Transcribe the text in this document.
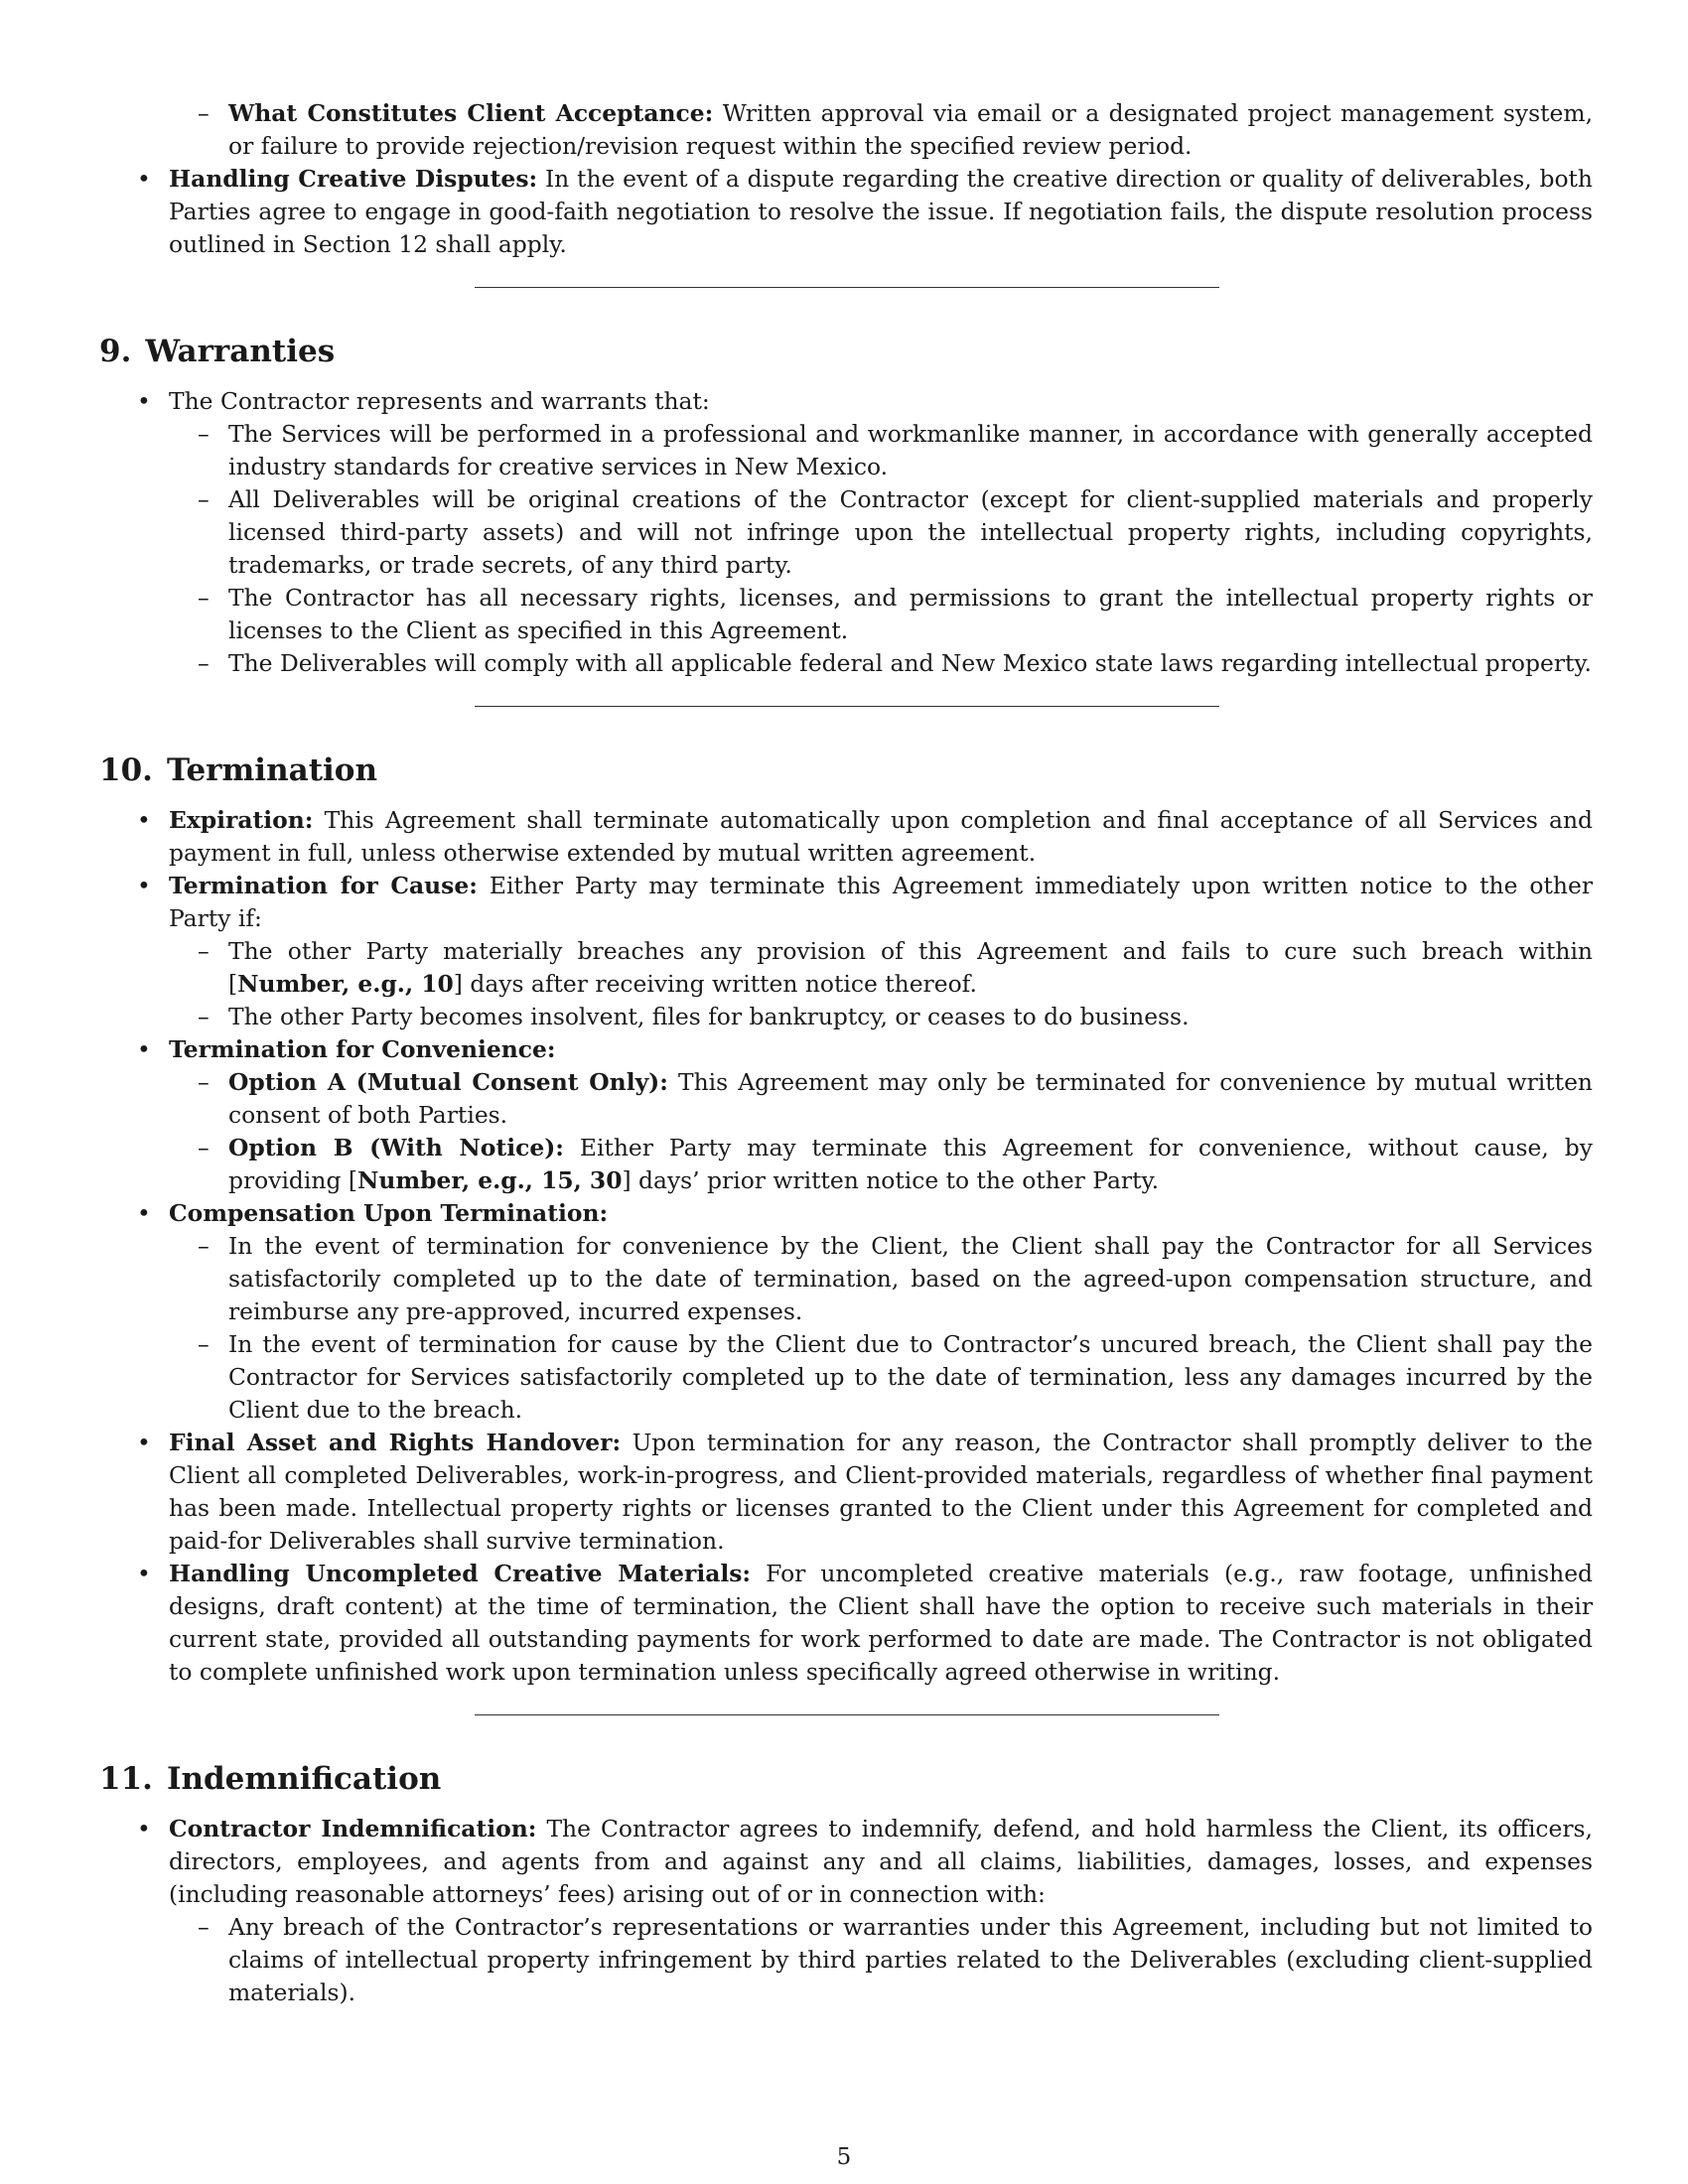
– What Constitutes Client Acceptance: Written approval via email or a designated project management system, or failure to provide rejection/revision request within the specified review period.
• Handling Creative Disputes: In the event of a dispute regarding the creative direction or quality of deliverables, both Parties agree to engage in good-faith negotiation to resolve the issue. If negotiation fails, the dispute resolution process outlined in Section 12 shall apply.
9. Warranties
• The Contractor represents and warrants that:
– The Services will be performed in a professional and workmanlike manner, in accordance with generally accepted industry standards for creative services in New Mexico.
– All Deliverables will be original creations of the Contractor (except for client-supplied materials and properly licensed third-party assets) and will not infringe upon the intellectual property rights, including copyrights, trademarks, or trade secrets, of any third party.
– The Contractor has all necessary rights, licenses, and permissions to grant the intellectual property rights or licenses to the Client as specified in this Agreement.
– The Deliverables will comply with all applicable federal and New Mexico state laws regarding intellectual property.
10. Termination
• Expiration: This Agreement shall terminate automatically upon completion and final acceptance of all Services and payment in full, unless otherwise extended by mutual written agreement.
• Termination for Cause: Either Party may terminate this Agreement immediately upon written notice to the other Party if:
– The other Party materially breaches any provision of this Agreement and fails to cure such breach within [Number, e.g., 10] days after receiving written notice thereof.
– The other Party becomes insolvent, files for bankruptcy, or ceases to do business.
• Termination for Convenience:
– Option A (Mutual Consent Only): This Agreement may only be terminated for convenience by mutual written consent of both Parties.
– Option B (With Notice): Either Party may terminate this Agreement for convenience, without cause, by providing [Number, e.g., 15, 30] days’ prior written notice to the other Party.
• Compensation Upon Termination:
– In the event of termination for convenience by the Client, the Client shall pay the Contractor for all Services satisfactorily completed up to the date of termination, based on the agreed-upon compensation structure, and reimburse any pre-approved, incurred expenses.
– In the event of termination for cause by the Client due to Contractor’s uncured breach, the Client shall pay the Contractor for Services satisfactorily completed up to the date of termination, less any damages incurred by the Client due to the breach.
• Final Asset and Rights Handover: Upon termination for any reason, the Contractor shall promptly deliver to the Client all completed Deliverables, work-in-progress, and Client-provided materials, regardless of whether final payment has been made. Intellectual property rights or licenses granted to the Client under this Agreement for completed and paid-for Deliverables shall survive termination.
• Handling Uncompleted Creative Materials: For uncompleted creative materials (e.g., raw footage, unfinished designs, draft content) at the time of termination, the Client shall have the option to receive such materials in their current state, provided all outstanding payments for work performed to date are made. The Contractor is not obligated to complete unfinished work upon termination unless specifically agreed otherwise in writing.
11. Indemnification
• Contractor Indemnification: The Contractor agrees to indemnify, defend, and hold harmless the Client, its officers, directors, employees, and agents from and against any and all claims, liabilities, damages, losses, and expenses (including reasonable attorneys’ fees) arising out of or in connection with:
– Any breach of the Contractor’s representations or warranties under this Agreement, including but not limited to claims of intellectual property infringement by third parties related to the Deliverables (excluding client-supplied materials).
5
